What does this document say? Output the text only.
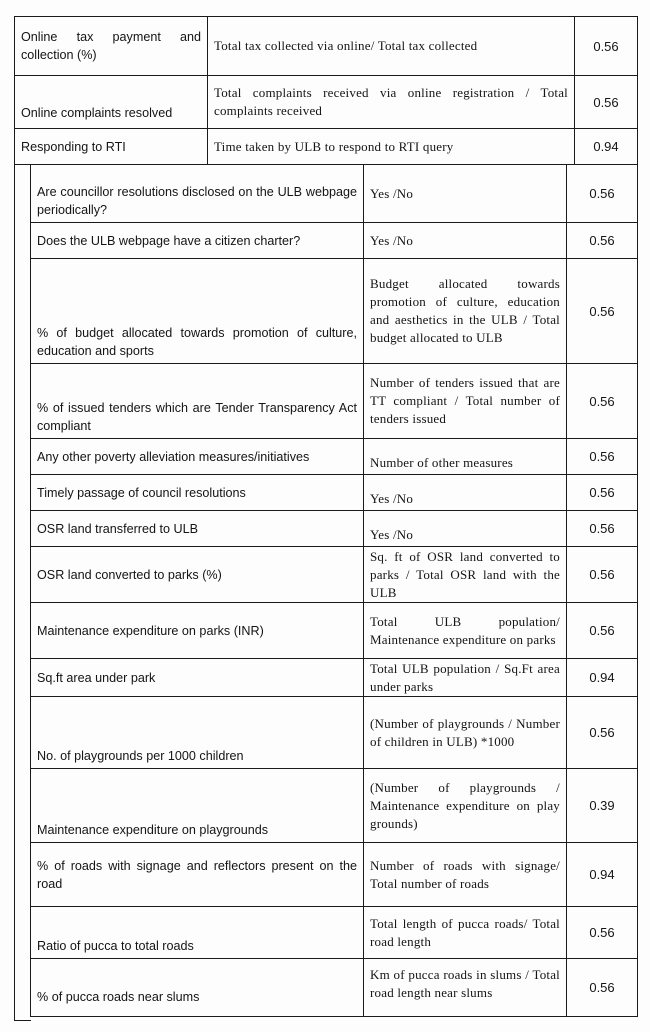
Online tax payment and collection (%)	Total tax collected via online/ Total tax collected	0.56
Online complaints resolved	Total complaints received via online registration / Total complaints received	0.56
Responding to RTI	Time taken by ULB to respond to RTI query	0.94
Are councillor resolutions disclosed on the ULB webpage periodically?	Yes /No	0.56
Does the ULB webpage have a citizen charter?	Yes /No	0.56
% of budget allocated towards promotion of culture, education and sports	Budget allocated towards promotion of culture, education and aesthetics in the ULB / Total budget allocated to ULB	0.56
% of issued tenders which are Tender Transparency Act compliant	Number of tenders issued that are TT compliant / Total number of tenders issued	0.56
Any other poverty alleviation measures/initiatives	Number of other measures	0.56
Timely passage of council resolutions	Yes /No	0.56
OSR land transferred to ULB	Yes /No	0.56
OSR land converted to parks (%)	Sq. ft of OSR land converted to parks / Total OSR land with the ULB	0.56
Maintenance expenditure on parks (INR)	Total ULB population/ Maintenance expenditure on parks	0.56
Sq.ft area under park	Total ULB population / Sq.Ft area under parks	0.94
No. of playgrounds per 1000 children	(Number of playgrounds / Number of children in ULB) *1000	0.56
Maintenance expenditure on playgrounds	(Number of playgrounds / Maintenance expenditure on play grounds)	0.39
% of roads with signage and reflectors present on the road	Number of roads with signage/ Total number of roads	0.94
Ratio of pucca to total roads	Total length of pucca roads/ Total road length	0.56
% of pucca roads near slums	Km of pucca roads in slums / Total road length near slums	0.56
